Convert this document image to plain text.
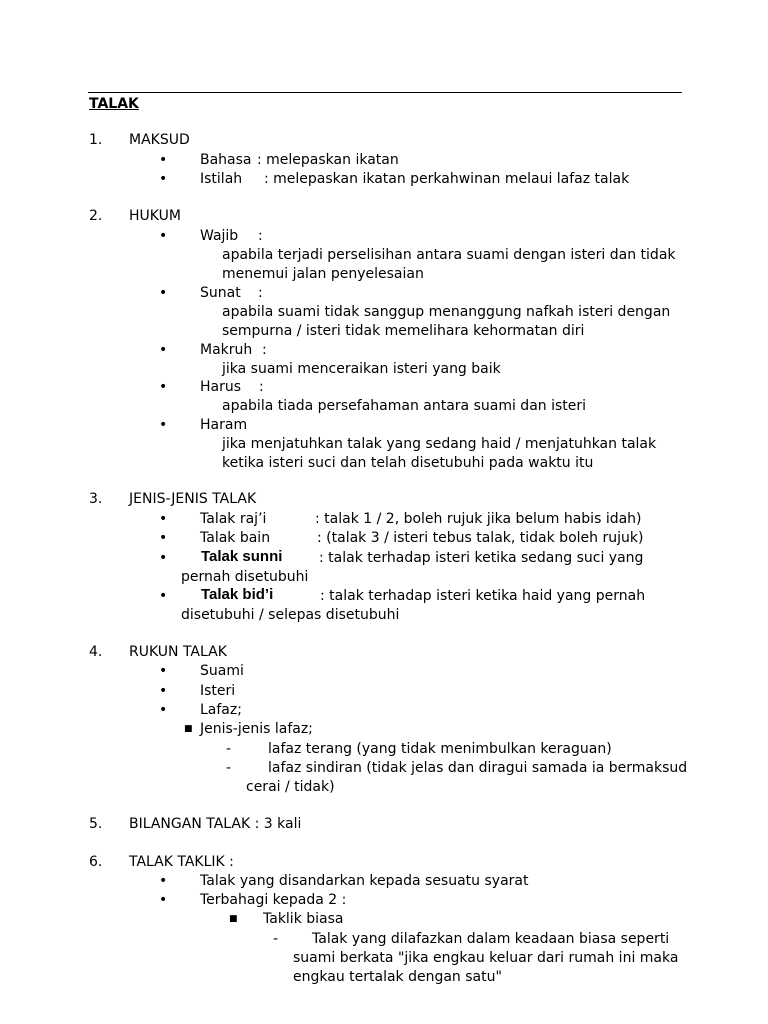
TALAK
1. MAKSUD
• Bahasa : melepaskan ikatan
• Istilah : melepaskan ikatan perkahwinan melaui lafaz talak
2. HUKUM
• Wajib :
apabila terjadi perselisihan antara suami dengan isteri dan tidak
menemui jalan penyelesaian
• Sunat :
apabila suami tidak sanggup menanggung nafkah isteri dengan
sempurna / isteri tidak memelihara kehormatan diri
• Makruh :
jika suami menceraikan isteri yang baik
• Harus :
apabila tiada persefahaman antara suami dan isteri
• Haram
jika menjatuhkan talak yang sedang haid / menjatuhkan talak
ketika isteri suci dan telah disetubuhi pada waktu itu
3. JENIS-JENIS TALAK
• Talak raj’i	: talak 1 / 2, boleh rujuk jika belum habis idah)
• Talak bain	: (talak 3 / isteri tebus talak, tidak boleh rujuk)
• Talak sunni	: talak terhadap isteri ketika sedang suci yang
pernah disetubuhi
• Talak bid’i	: talak terhadap isteri ketika haid yang pernah
disetubuhi / selepas disetubuhi
4. RUKUN TALAK
• Suami
• Isteri
• Lafaz;
■ Jenis-jenis lafaz;
-	lafaz terang (yang tidak menimbulkan keraguan)
-	lafaz sindiran (tidak jelas dan diragui samada ia bermaksud
cerai / tidak)
5. BILANGAN TALAK : 3 kali
6. TALAK TAKLIK :
• Talak yang disandarkan kepada sesuatu syarat
• Terbahagi kepada 2 :
■ Taklik biasa
- Talak yang dilafazkan dalam keadaan biasa seperti
suami berkata "jika engkau keluar dari rumah ini maka
engkau tertalak dengan satu"
